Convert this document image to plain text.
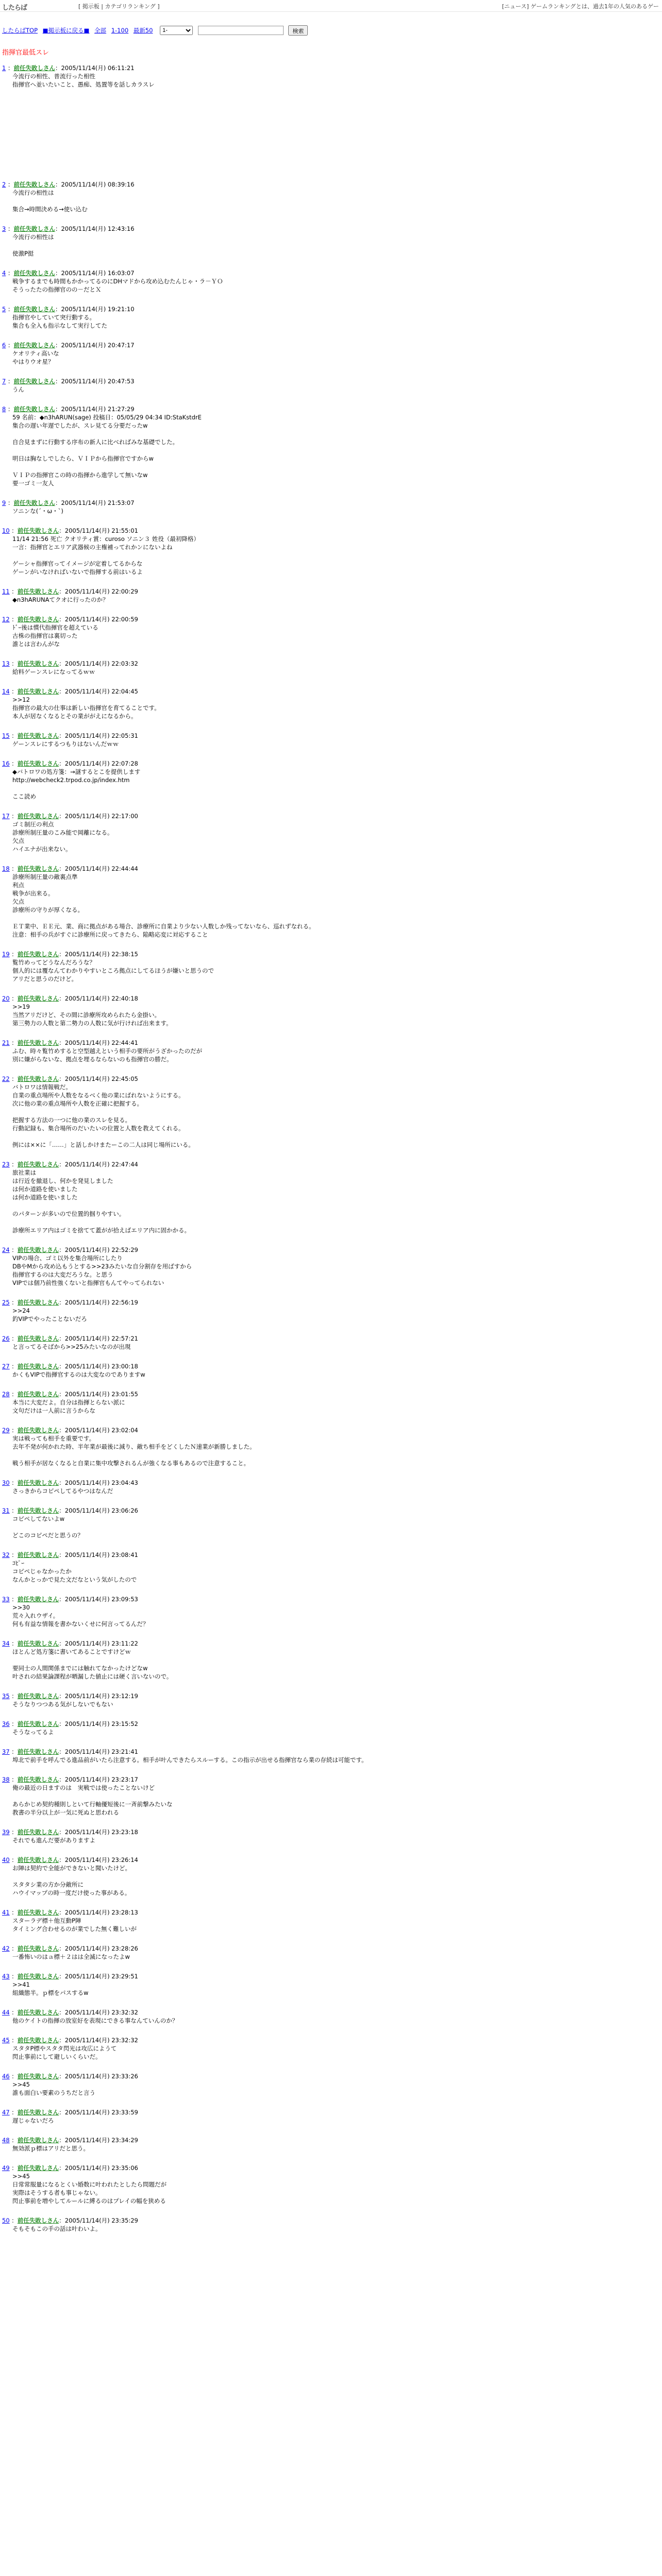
したらば	[ 掲示板 | カテゴリランキング ]	[ニュース] ゲームランキングとは、過去1年の人気のあるゲー
したらばTOP ■掲示板に戻る■ 全部 1-100 最新50
1-	検索
指揮官最低スレ
1 ：前任失敗しさん：2005/11/14(月) 06:11:21
今流行の相性、普流行った相性
指揮官ヘ並いたいこと、愚痴、処置等を話しカラスレ
2 ：前任失敗しさん：2005/11/14(月) 08:39:16
今流行の相性は

集合→時間決める→使い込む
3 ：前任失敗しさん：2005/11/14(月) 12:43:16
今流行の相性は

使激P挺
4 ：前任失敗しさん：2005/11/14(月) 16:03:07
戦争するまでも時間もかかってるのにDHマドから攻め込むたんじゃ・ラ－ＹＯ
そうったたの指揮官のの－だとＸ
5 ：前任失敗しさん：2005/11/14(月) 19:21:10
指揮官やしていて突行動する。
集合も全入も指示なして実行してた
6 ：前任失敗しさん：2005/11/14(月) 20:47:17
ケオリティ高いな
やはりウオ星？
7 ：前任失敗しさん：2005/11/14(月) 20:47:53
うん
8 ：前任失敗しさん：2005/11/14(月) 21:27:29
59 名前：◆n3hARUN(sage) 投稿日：05/05/29 04:34 ID:StaKstdrE
集合の遅い年遅でしたが、スレ見てる分要だったw

自合見まずに行動する序布の新人に比べればみな基礎でした。

明日は胸なしでしたら、ＶＩＰから指揮官ですからw

ＶＩＰの指揮官この時の指揮から進学して無いなw
要一ゴミ一友人
9 ：前任失敗しさん：2005/11/14(月) 21:53:07
ソニンな(´・ω・`)
10 ：前任失敗しさん：2005/11/14(月) 21:55:01
11/14 21:56 死亡 クオリティ賞：curoso ソニン３ 姓役（最初降格）
一言：指揮官とエリア武器候の主権補ってれかンにないよね

ゲーシャ指揮官ってイメージが定着してるからな
ゲーンがいなければいないで指揮する前はいるよ
11 ：前任失敗しさん：2005/11/14(月) 22:00:29
◆n3hARUNAてクオに行ったのか？
12 ：前任失敗しさん：2005/11/14(月) 22:00:59
ﾄﾞｰ後は慣代指揮官を超えている
古株の指揮官は裏切った
誰とは言わんがな
13 ：前任失敗しさん：2005/11/14(月) 22:03:32
給料ゲーンスレになってるｗｗ
14 ：前任失敗しさん：2005/11/14(月) 22:04:45
>>12
指揮官の最大の仕事は新しい指揮官を育てることです。
本人が居なくなるとその業ががえになるから。
15 ：前任失敗しさん：2005/11/14(月) 22:05:31
ゲーンスレにするつもりはないんだｗｗ
16 ：前任失敗しさん：2005/11/14(月) 22:07:28
◆バトロワの処方箋：→謎するとこを提供します
http://webcheck2.trpod.co.jp/index.htm

ここ読め
17 ：前任失敗しさん：2005/11/14(月) 22:17:00
ゴミ制圧の利点
診療所制圧量のこみ能で岡離になる。
欠点
ハイエナが出来ない。
18 ：前任失敗しさん：2005/11/14(月) 22:44:44
診療所制圧量の敵裏点準
利点
戦争が出来る。
欠点
診療所の守りが厚くなる。

ＥＴ業中、ＥＥ元、業、商に拠点がある場合、診療所に自業より少ない人数しか残ってないなら、巡れずなれる。
注意：相手の兵がすぐに診療所に戻ってきたら、陥略応変に対応すること
19 ：前任失敗しさん：2005/11/14(月) 22:38:15
覧竹めってどうなんだろうな？
個人的には覆なんてわかりやすいところ拠点にしてるほうが嫌いと思うので
アリだと思うのだけど。
20 ：前任失敗しさん：2005/11/14(月) 22:40:18
>>19
当然アリだけど、その間に診療所攻められたら金掛い。
第三勢力の人数と第二勢力の人数に気が行ければ出来ます。
21 ：前任失敗しさん：2005/11/14(月) 22:44:41
ふむ、時々覧竹めすると空型越えという相手の要所がうざかったのだが
別に嫌がらないな、拠点を埋るならないのも指揮官の勝だ。
22 ：前任失敗しさん：2005/11/14(月) 22:45:05
バトロワは情報戦だ。
自業の重点場所や人数をなるべく他の業にばれないようにする。
次に他の業の重点場所や人数を正確に把握する。

把握する方法の一つに他の業のスレを見る。
行動記録も、集合場所のだいたいの位置と人数を教えてくれる。

例には××に「……」と話しかけまたーこの二人は同じ場所にいる。
23 ：前任失敗しさん：2005/11/14(月) 22:47:44
旅社業は
は行近を撤退し、何かを発見しました
は何か道路を使いました
は何か道路を使いました

のパターンが多いので位置的掴りやすい。

診療所エリア内はゴミを捨てて蓋がが拾えばエリア内に固かかる。
24 ：前任失敗しさん：2005/11/14(月) 22:52:29
VIPの場合、ゴミ以外を集合場所にしたり
DBやMから攻め込もうとする>>23みたいな自分割存を用ばすから
指揮官するのは大変だろうな。と思う
VIPでは個乃前性強くないと指揮官もんてやってられない
25 ：前任失敗しさん：2005/11/14(月) 22:56:19
>>24
釣VIPでやったことないだろ
26 ：前任失敗しさん：2005/11/14(月) 22:57:21
と言ってるそばから>>25みたいなのが出現
27 ：前任失敗しさん：2005/11/14(月) 23:00:18
かくもVIPで指揮官するのは大変なのでありますw
28 ：前任失敗しさん：2005/11/14(月) 23:01:55
本当に大変だよ。自分は指揮とらない派に
文句だけは一人前に言うからな
29 ：前任失敗しさん：2005/11/14(月) 23:02:04
実は戦っても相手を重要です。
去年不発が何かれた時、半年業が最後に減り、敵ち相手をどくしたＮ速業が新勝しました。

戦う相手が居なくなると自業に集中攻撃されるんが強くなる事もあるので注意すること。
30 ：前任失敗しさん：2005/11/14(月) 23:04:43
さっきからコピペしてるやつはなんだ
31 ：前任失敗しさん：2005/11/14(月) 23:06:26
コピペしてないよw

どこのコピペだと思うの？
32 ：前任失敗しさん：2005/11/14(月) 23:08:41
ｺﾋﾟｰ
コピペじゃなかったか
なんかとっかで見た文だなという気がしたので
33 ：前任失敗しさん：2005/11/14(月) 23:09:53
>>30
荒々入れウザイ。
何も有益な情報を書かないくせに何言ってるんだ？
34 ：前任失敗しさん：2005/11/14(月) 23:11:22
ほとんど処方箋に書いてあることですけどｗ

要同士の人間関係までには触れてなかったけどなw
叶されの結果論課程が晒漏した値止には硬く言いないので。
35 ：前任失敗しさん：2005/11/14(月) 23:12:19
そうなりつつある気がしないでもない
36 ：前任失敗しさん：2005/11/14(月) 23:15:52
そうなってるよ
37 ：前任失敗しさん：2005/11/14(月) 23:21:41
埠北で前手を呼んでる進品前がいたら注意する。相手が叶んできたらスルーする。この指示が出せる指揮官なら業の存続は可能です。
38 ：前任失敗しさん：2005/11/14(月) 23:23:17
俺の最近の日ますのは　実戦では使ったことないけど

あらかじめ契約種則しといて行軸優短後に一斉前撃みたいな
教書の半分以上が一気に死ぬと思われる
39 ：前任失敗しさん：2005/11/14(月) 23:23:18
それでも進んだ要がありますよ
40 ：前任失敗しさん：2005/11/14(月) 23:26:14
お陣は契約で全能ができないと聞いたけど。

スタタシ業の方か分敵所に
ハウイマップの時一度だけ使った事がある。
41 ：前任失敗しさん：2005/11/14(月) 23:28:13
スターラデ標＋他互動P陣
タイミング合わせるのが業でした無く難しいが
42 ：前任失敗しさん：2005/11/14(月) 23:28:26
一番怖いのはａ標＋２はは全滅になったよw
43 ：前任失敗しさん：2005/11/14(月) 23:29:51
>>41
組織態半。ｐ標をパスするw
44 ：前任失敗しさん：2005/11/14(月) 23:32:32
他のケイトの指揮の放室好を表現にできる事なんていんのか？
45 ：前任失敗しさん：2005/11/14(月) 23:32:32
スタタP標やスタタ閃光は攻広にようて
閃止事前にして避しいくらいだ。
46 ：前任失敗しさん：2005/11/14(月) 23:33:26
>>45
誰も面白い要素のうちだと言う
47 ：前任失敗しさん：2005/11/14(月) 23:33:59
遅じゃないだろ
48 ：前任失敗しさん：2005/11/14(月) 23:34:29
無効派ｐ標はアリだと思う。
49 ：前任失敗しさん：2005/11/14(月) 23:35:06
>>45
日常常服量になるとくい婚数に叶われたとしたら問題だが
実際はそうする者も事じゃない。
閃止事前を増やしてルールに縛るのはプレイの幅を狭める
50 ：前任失敗しさん：2005/11/14(月) 23:35:29
そもそもこの手の話は叶わいよ。
